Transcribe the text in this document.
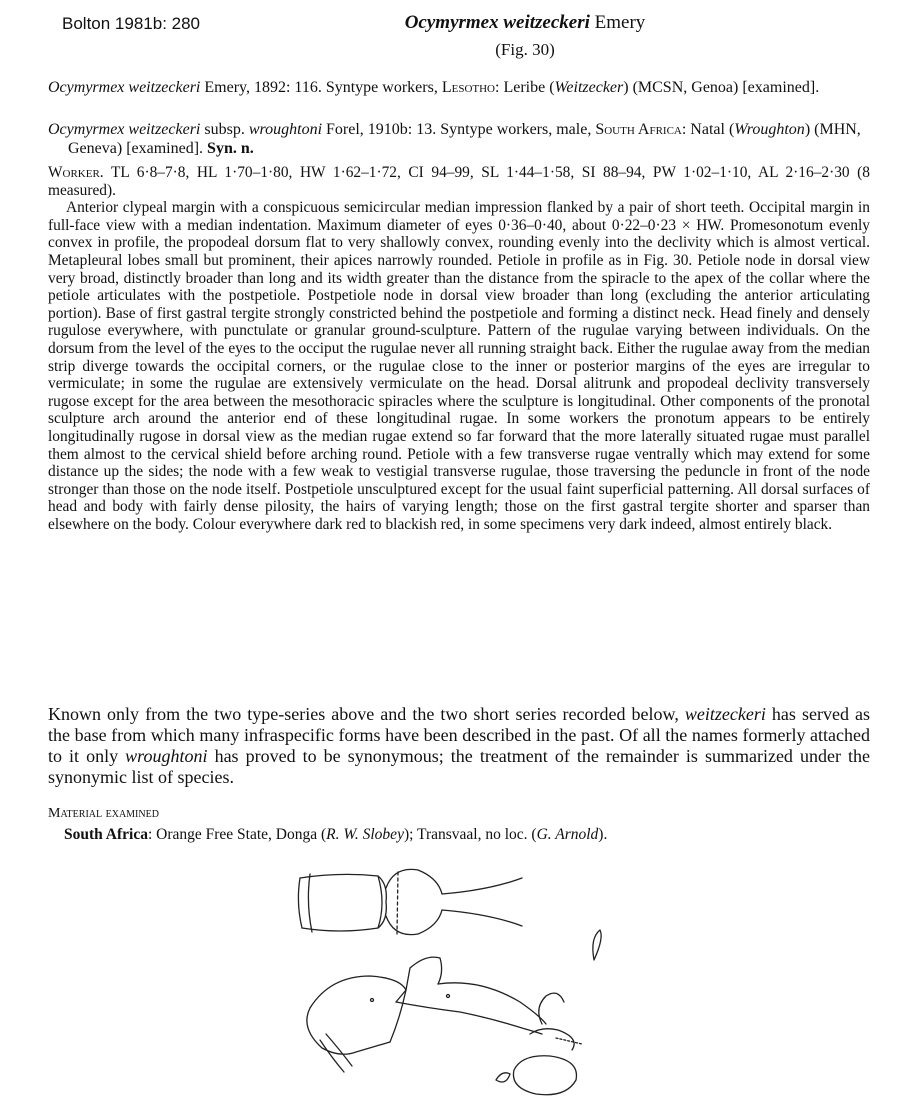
Bolton 1981b: 280	Ocymyrmex weitzeckeri Emery
(Fig. 30)
Ocymyrmex weitzeckeri Emery, 1892: 116. Syntype workers, Lesotho: Leribe (Weitzecker) (MCSN, Genoa) [examined].
Ocymyrmex weitzeckeri subsp. wroughtoni Forel, 1910b: 13. Syntype workers, male, South Africa: Natal (Wroughton) (MHN, Geneva) [examined]. Syn. n.

Worker. TL 6·8–7·8, HL 1·70–1·80, HW 1·62–1·72, CI 94–99, SL 1·44–1·58, SI 88–94, PW 1·02–1·10, AL 2·16–2·30 (8 measured).

Anterior clypeal margin with a conspicuous semicircular median impression flanked by a pair of short teeth. Occipital margin in full-face view with a median indentation. Maximum diameter of eyes 0·36–0·40, about 0·22–0·23 × HW. Promesonotum evenly convex in profile, the propodeal dorsum flat to very shallowly convex, rounding evenly into the declivity which is almost vertical. Metapleural lobes small but prominent, their apices narrowly rounded. Petiole in profile as in Fig. 30. Petiole node in dorsal view very broad, distinctly broader than long and its width greater than the distance from the spiracle to the apex of the collar where the petiole articulates with the postpetiole. Postpetiole node in dorsal view broader than long (excluding the anterior articulating portion). Base of first gastral tergite strongly constricted behind the postpetiole and forming a distinct neck. Head finely and densely rugulose everywhere, with punctulate or granular ground-sculpture. Pattern of the rugulae varying between individuals. On the dorsum from the level of the eyes to the occiput the rugulae never all running straight back. Either the rugulae away from the median strip diverge towards the occipital corners, or the rugulae close to the inner or posterior margins of the eyes are irregular to vermiculate; in some the rugulae are extensively vermiculate on the head. Dorsal alitrunk and propodeal declivity transversely rugose except for the area between the mesothoracic spiracles where the sculpture is longitudinal. Other components of the pronotal sculpture arch around the anterior end of these longitudinal rugae. In some workers the pronotum appears to be entirely longitudinally rugose in dorsal view as the median rugae extend so far forward that the more laterally situated rugae must parallel them almost to the cervical shield before arching round. Petiole with a few transverse rugae ventrally which may extend for some distance up the sides; the node with a few weak to vestigial transverse rugulae, those traversing the peduncle in front of the node stronger than those on the node itself. Postpetiole unsculptured except for the usual faint superficial patterning. All dorsal surfaces of head and body with fairly dense pilosity, the hairs of varying length; those on the first gastral tergite shorter and sparser than elsewhere on the body. Colour everywhere dark red to blackish red, in some specimens very dark indeed, almost entirely black.

Known only from the two type-series above and the two short series recorded below, weitzeckeri has served as the base from which many infraspecific forms have been described in the past. Of all the names formerly attached to it only wroughtoni has proved to be synonymous; the treatment of the remainder is summarized under the synonymic list of species.
Material examined
South Africa: Orange Free State, Donga (R. W. Slobey); Transvaal, no loc. (G. Arnold).
